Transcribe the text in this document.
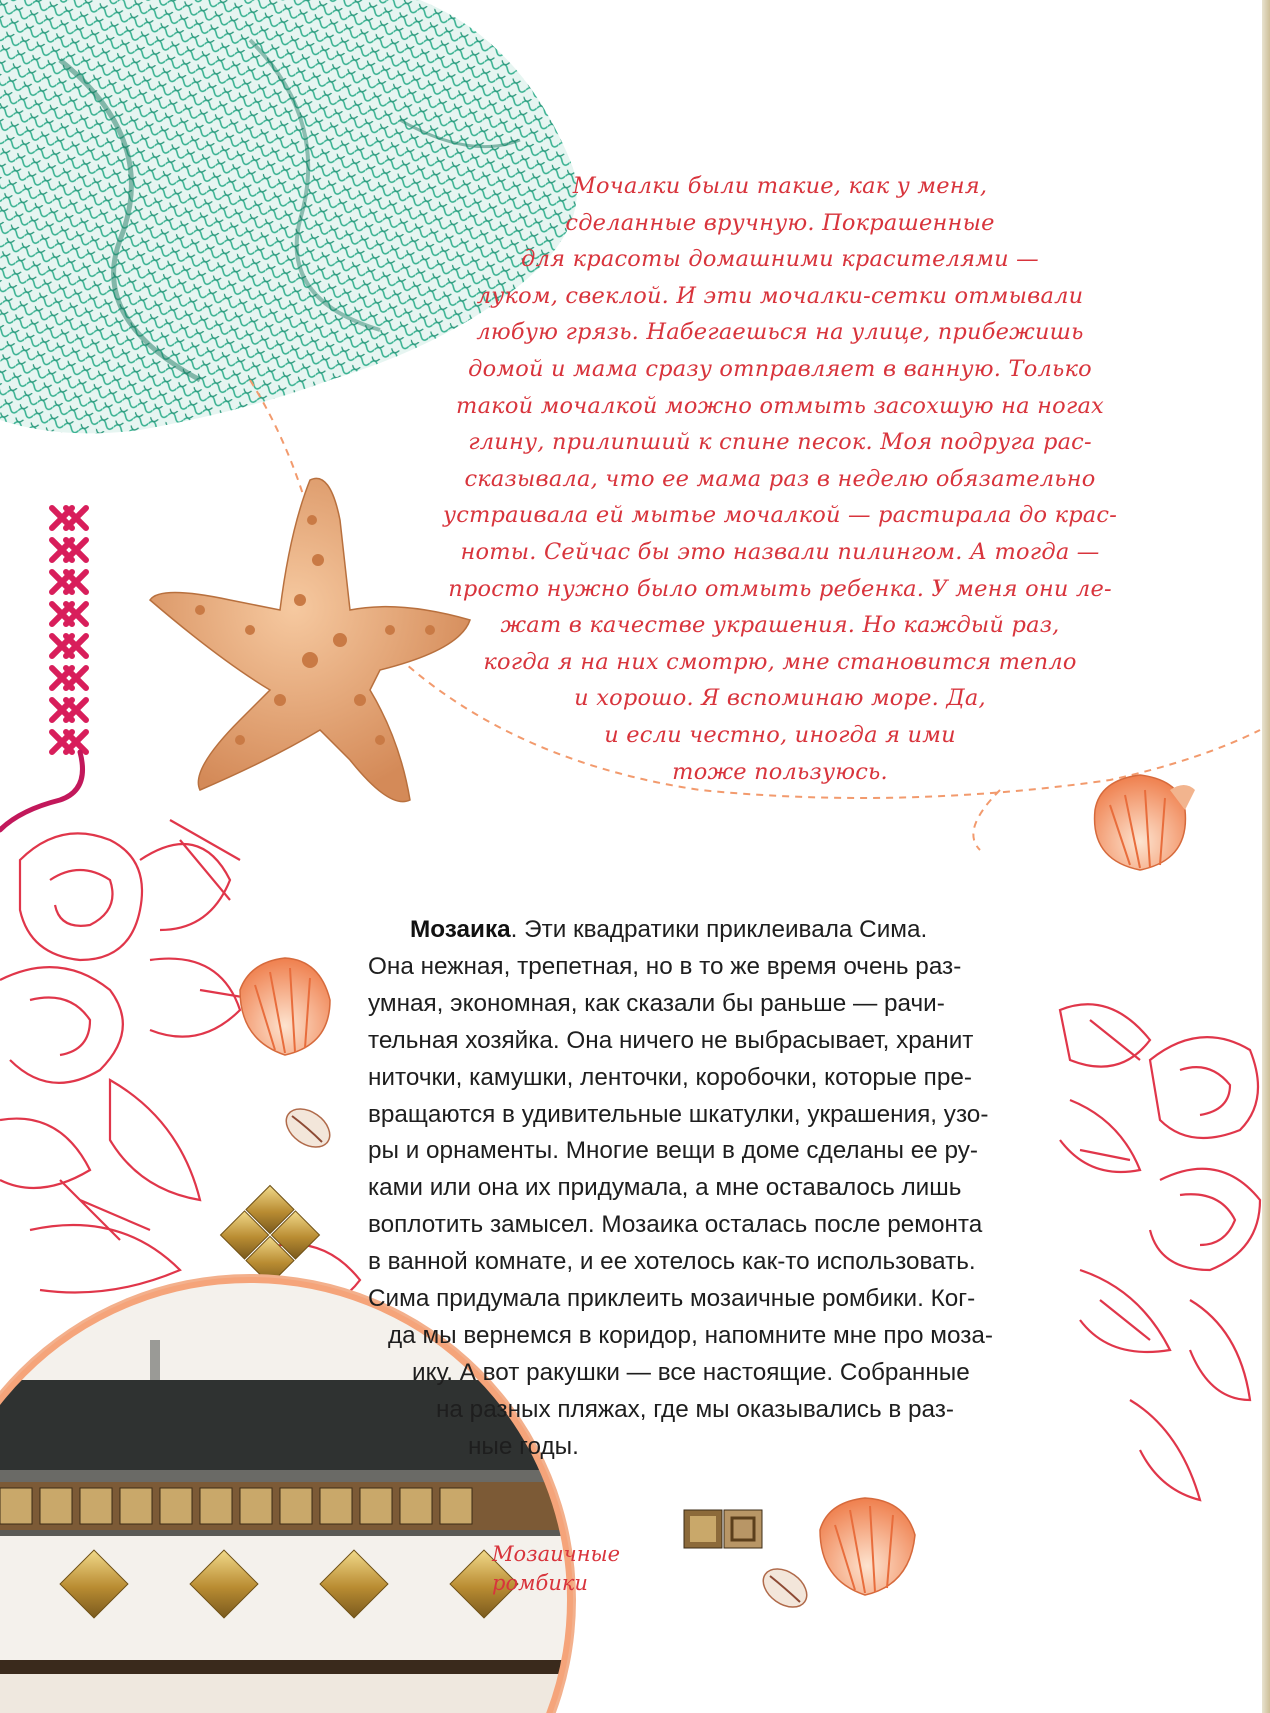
Мочалки были такие, как у меня,
сделанные вручную. Покрашенные
для красоты домашними красителями —
луком, свеклой. И эти мочалки-сетки отмывали
любую грязь. Набегаешься на улице, прибежишь
домой и мама сразу отправляет в ванную. Только
такой мочалкой можно отмыть засохшую на ногах
глину, прилипший к спине песок. Моя подруга рас-
сказывала, что ее мама раз в неделю обязательно
устраивала ей мытье мочалкой — растирала до крас-
ноты. Сейчас бы это назвали пилингом. А тогда —
просто нужно было отмыть ребенка. У меня они ле-
жат в качестве украшения. Но каждый раз,
когда я на них смотрю, мне становится тепло
и хорошо. Я вспоминаю море. Да,
и если честно, иногда я ими
тоже пользуюсь.
Мозаика. Эти квадратики приклеивала Сима.
Она нежная, трепетная, но в то же время очень раз-
умная, экономная, как сказали бы раньше — рачи-
тельная хозяйка. Она ничего не выбрасывает, хранит
ниточки, камушки, ленточки, коробочки, которые пре-
вращаются в удивительные шкатулки, украшения, узо-
ры и орнаменты. Многие вещи в доме сделаны ее ру-
ками или она их придумала, а мне оставалось лишь
воплотить замысел. Мозаика осталась после ремонта
в ванной комнате, и ее хотелось как-то использовать.
Сима придумала приклеить мозаичные ромбики. Ког-
да мы вернемся в коридор, напомните мне про моза-
ику. А вот ракушки — все настоящие. Собранные
на разных пляжах, где мы оказывались в раз-
ные годы.
Мозаичные
ромбики
